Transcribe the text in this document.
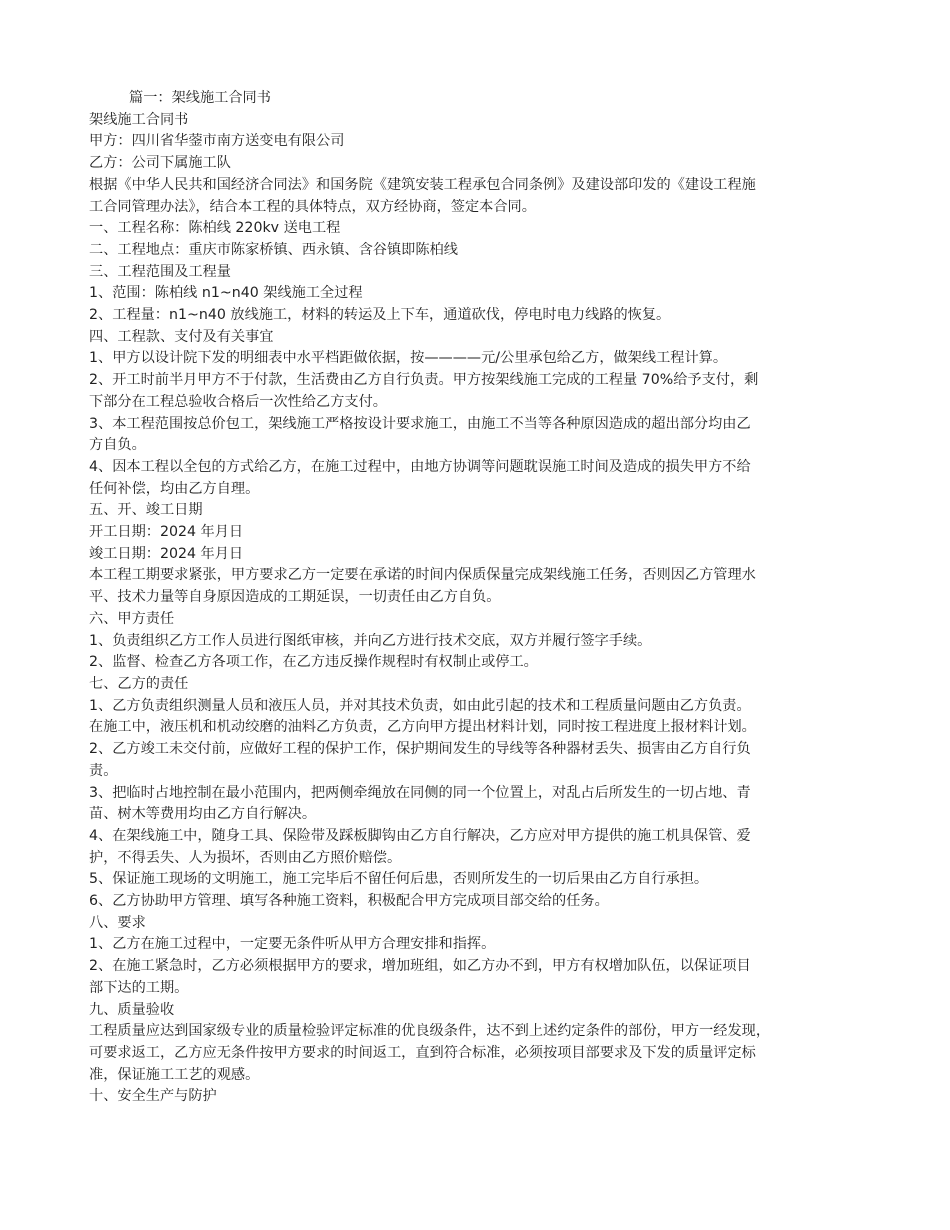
篇一：架线施工合同书
架线施工合同书
甲方：四川省华蓥市南方送变电有限公司
乙方：公司下属施工队
根据《中华人民共和国经济合同法》和国务院《建筑安装工程承包合同条例》及建设部印发的《建设工程施
工合同管理办法》，结合本工程的具体特点，双方经协商，签定本合同。
一、工程名称：陈柏线 220kv 送电工程
二、工程地点：重庆市陈家桥镇、西永镇、含谷镇即陈柏线
三、工程范围及工程量
1、范围：陈柏线 n1~n40 架线施工全过程
2、工程量：n1~n40 放线施工，材料的转运及上下车，通道砍伐，停电时电力线路的恢复。
四、工程款、支付及有关事宜
1、甲方以设计院下发的明细表中水平档距做依据，按————元/公里承包给乙方，做架线工程计算。
2、开工时前半月甲方不于付款，生活费由乙方自行负责。甲方按架线施工完成的工程量 70%给予支付，剩
下部分在工程总验收合格后一次性给乙方支付。
3、本工程范围按总价包工，架线施工严格按设计要求施工，由施工不当等各种原因造成的超出部分均由乙
方自负。
4、因本工程以全包的方式给乙方，在施工过程中，由地方协调等问题耽误施工时间及造成的损失甲方不给
任何补偿，均由乙方自理。
五、开、竣工日期
开工日期：2024 年月日
竣工日期：2024 年月日
本工程工期要求紧张，甲方要求乙方一定要在承诺的时间内保质保量完成架线施工任务，否则因乙方管理水
平、技术力量等自身原因造成的工期延误，一切责任由乙方自负。
六、甲方责任
1、负责组织乙方工作人员进行图纸审核，并向乙方进行技术交底，双方并履行签字手续。
2、监督、检查乙方各项工作，在乙方违反操作规程时有权制止或停工。
七、乙方的责任
1、乙方负责组织测量人员和液压人员，并对其技术负责，如由此引起的技术和工程质量问题由乙方负责。
在施工中，液压机和机动绞磨的油料乙方负责，乙方向甲方提出材料计划，同时按工程进度上报材料计划。
2、乙方竣工未交付前，应做好工程的保护工作，保护期间发生的导线等各种器材丢失、损害由乙方自行负
责。
3、把临时占地控制在最小范围内，把两侧牵绳放在同侧的同一个位置上，对乱占后所发生的一切占地、青
苗、树木等费用均由乙方自行解决。
4、在架线施工中，随身工具、保险带及踩板脚钩由乙方自行解决，乙方应对甲方提供的施工机具保管、爱
护，不得丢失、人为损坏，否则由乙方照价赔偿。
5、保证施工现场的文明施工，施工完毕后不留任何后患，否则所发生的一切后果由乙方自行承担。
6、乙方协助甲方管理、填写各种施工资料，积极配合甲方完成项目部交给的任务。
八、要求
1、乙方在施工过程中，一定要无条件听从甲方合理安排和指挥。
2、在施工紧急时，乙方必须根据甲方的要求，增加班组，如乙方办不到，甲方有权增加队伍，以保证项目
部下达的工期。
九、质量验收
工程质量应达到国家级专业的质量检验评定标准的优良级条件，达不到上述约定条件的部份，甲方一经发现，
可要求返工，乙方应无条件按甲方要求的时间返工，直到符合标准，必须按项目部要求及下发的质量评定标
准，保证施工工艺的观感。
十、安全生产与防护
